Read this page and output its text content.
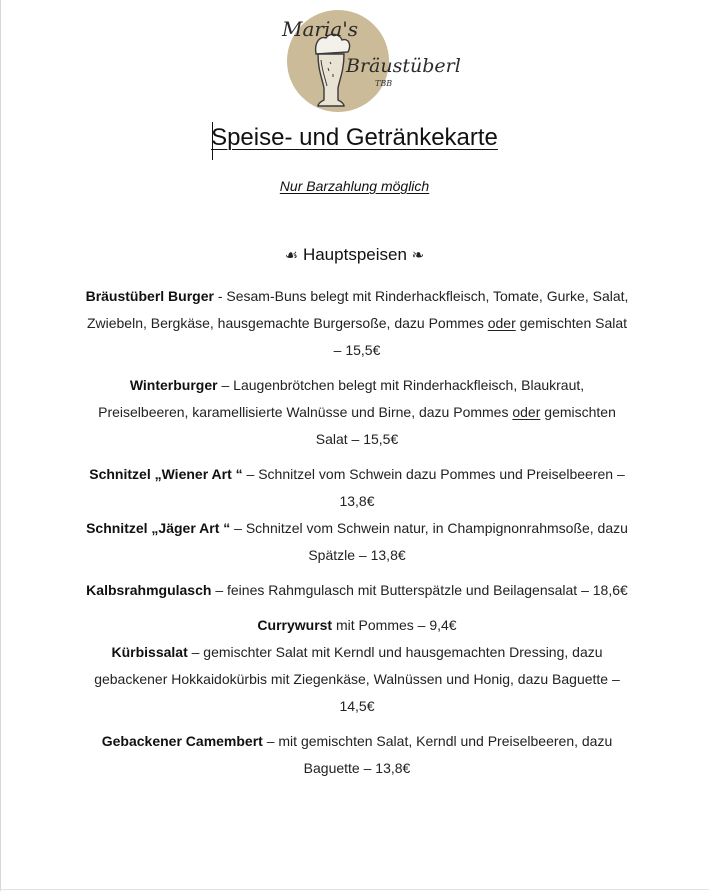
Maria's
Bräustüberl
TBB
Speise- und Getränkekarte
Nur Barzahlung möglich
☙ Hauptspeisen ❧

Bräustüberl Burger - Sesam-Buns belegt mit Rinderhackfleisch, Tomate, Gurke, Salat, Zwiebeln, Bergkäse, hausgemachte Burgersoße, dazu Pommes oder gemischten Salat – 15,5€

Winterburger – Laugenbrötchen belegt mit Rinderhackfleisch, Blaukraut, Preiselbeeren, karamellisierte Walnüsse und Birne, dazu Pommes oder gemischten Salat – 15,5€

Schnitzel „Wiener Art “ – Schnitzel vom Schwein dazu Pommes und Preiselbeeren – 13,8€

Schnitzel „Jäger Art “ – Schnitzel vom Schwein natur, in Champignonrahmsoße, dazu Spätzle – 13,8€

Kalbsrahmgulasch – feines Rahmgulasch mit Butterspätzle und Beilagensalat – 18,6€

Currywurst mit Pommes – 9,4€

Kürbissalat – gemischter Salat mit Kerndl und hausgemachten Dressing, dazu gebackener Hokkaidokürbis mit Ziegenkäse, Walnüssen und Honig, dazu Baguette – 14,5€

Gebackener Camembert – mit gemischten Salat, Kerndl und Preiselbeeren, dazu Baguette – 13,8€
